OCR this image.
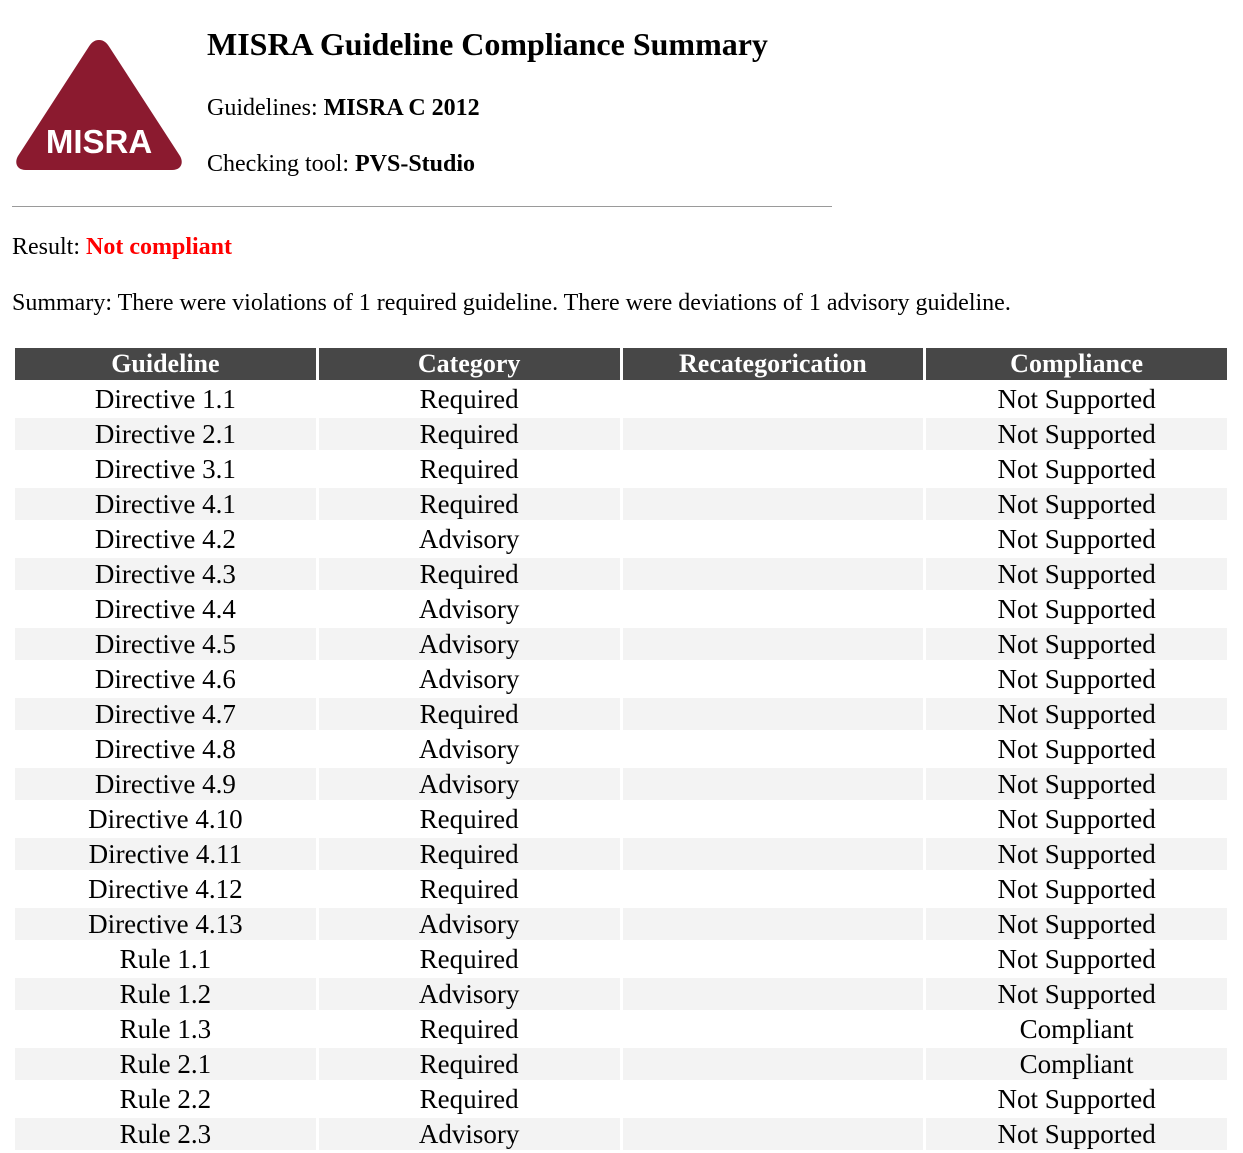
MISRA
MISRA Guideline Compliance Summary
Guidelines: MISRA C 2012
Checking tool: PVS-Studio
Result: Not compliant
Summary: There were violations of 1 required guideline. There were deviations of 1 advisory guideline.
Guideline	Category	Recategorication	Compliance
Directive 1.1	Required		Not Supported
Directive 2.1	Required		Not Supported
Directive 3.1	Required		Not Supported
Directive 4.1	Required		Not Supported
Directive 4.2	Advisory		Not Supported
Directive 4.3	Required		Not Supported
Directive 4.4	Advisory		Not Supported
Directive 4.5	Advisory		Not Supported
Directive 4.6	Advisory		Not Supported
Directive 4.7	Required		Not Supported
Directive 4.8	Advisory		Not Supported
Directive 4.9	Advisory		Not Supported
Directive 4.10	Required		Not Supported
Directive 4.11	Required		Not Supported
Directive 4.12	Required		Not Supported
Directive 4.13	Advisory		Not Supported
Rule 1.1	Required		Not Supported
Rule 1.2	Advisory		Not Supported
Rule 1.3	Required		Compliant
Rule 2.1	Required		Compliant
Rule 2.2	Required		Not Supported
Rule 2.3	Advisory		Not Supported
